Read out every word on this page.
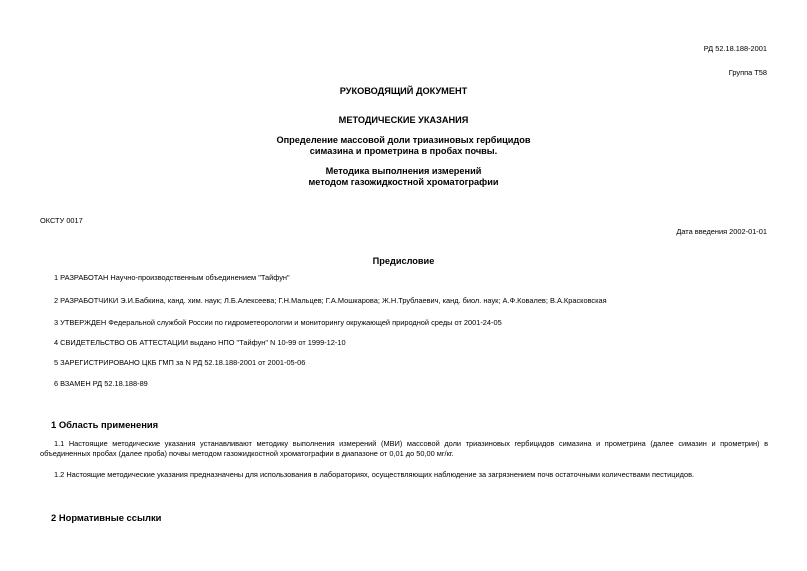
РД 52.18.188-2001
Группа Т58
РУКОВОДЯЩИЙ ДОКУМЕНТ
МЕТОДИЧЕСКИЕ УКАЗАНИЯ
Определение массовой доли триазиновых гербицидов
симазина и прометрина в пробах почвы.
Методика выполнения измерений
методом газожидкостной хроматографии
ОКСТУ 0017
Дата введения 2002-01-01
Предисловие
1 РАЗРАБОТАН Научно-производственным объединением "Тайфун"
2 РАЗРАБОТЧИКИ Э.И.Бабкина, канд. хим. наук; Л.Б.Алексеева; Г.Н.Мальцев; Г.А.Мошкарова; Ж.Н.Трублаевич, канд. биол. наук; А.Ф.Ковалев; В.А.Красковская
3 УТВЕРЖДЕН Федеральной службой России по гидрометеорологии и мониторингу окружающей природной среды от 2001-24-05
4 СВИДЕТЕЛЬСТВО ОБ АТТЕСТАЦИИ выдано НПО "Тайфун" N 10-99 от 1999-12-10
5 ЗАРЕГИСТРИРОВАНО ЦКБ ГМП за N РД 52.18.188-2001 от 2001-05-06
6 ВЗАМЕН РД 52.18.188-89
1 Область применения
1.1 Настоящие методические указания устанавливают методику выполнения измерений (МВИ) массовой доли триазиновых гербицидов симазина и прометрина (далее симазин и прометрин) в объединенных пробах (далее проба) почвы методом газожидкостной хроматографии в диапазоне от 0,01 до 50,00 мг/кг.
1.2 Настоящие методические указания предназначены для использования в лабораториях, осуществляющих наблюдение за загрязнением почв остаточными количествами пестицидов.
2 Нормативные ссылки
